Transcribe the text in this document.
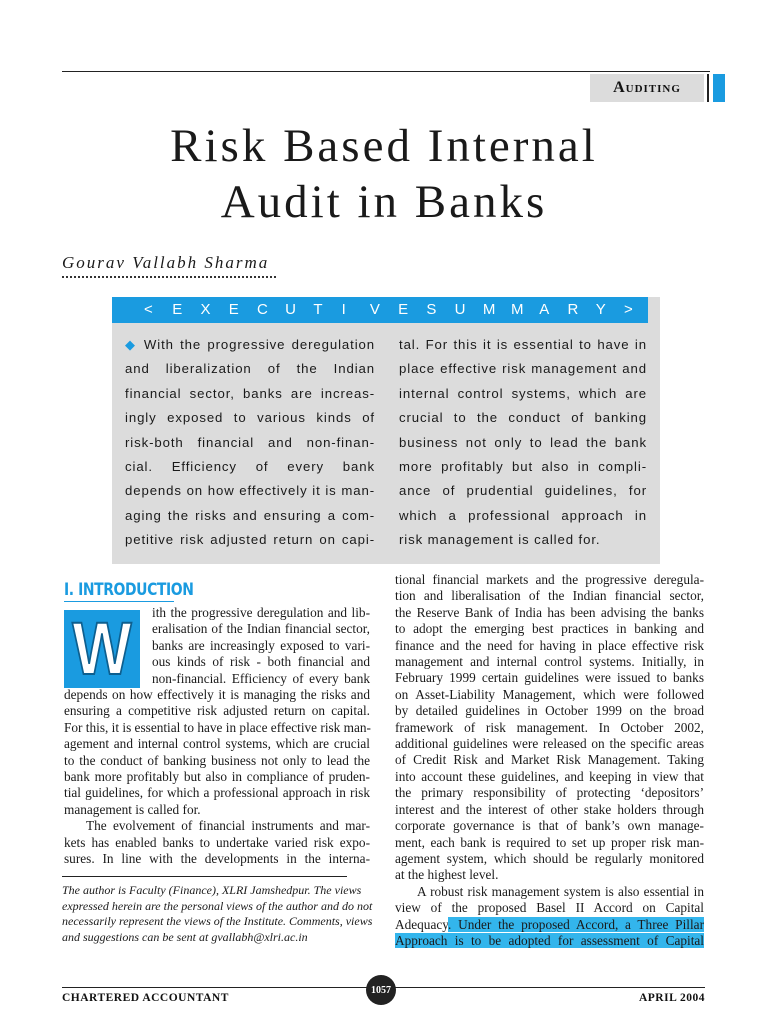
Auditing
Risk Based Internal
Audit in Banks
Gourav Vallabh Sharma
< E X E C U T I V E S U M M A R Y >
◆ With the progressive deregulation
and liberalization of the Indian
financial sector, banks are increas-
ingly exposed to various kinds of
risk-both financial and non-finan-
cial. Efficiency of every bank
depends on how effectively it is man-
aging the risks and ensuring a com-
petitive risk adjusted return on capi-
tal. For this it is essential to have in
place effective risk management and
internal control systems, which are
crucial to the conduct of banking
business not only to lead the bank
more profitably but also in compli-
ance of prudential guidelines, for
which a professional approach in
risk management is called for.
I. INTRODUCTION
W ith the progressive deregulation and lib-
eralisation of the Indian financial sector,
banks are increasingly exposed to vari-
ous kinds of risk - both financial and
non-financial. Efficiency of every bank
depends on how effectively it is managing the risks and
ensuring a competitive risk adjusted return on capital.
For this, it is essential to have in place effective risk man-
agement and internal control systems, which are crucial
to the conduct of banking business not only to lead the
bank more profitably but also in compliance of pruden-
tial guidelines, for which a professional approach in risk
management is called for.
The evolvement of financial instruments and mar-
kets has enabled banks to undertake varied risk expo-
sures. In line with the developments in the interna-
tional financial markets and the progressive deregula-
tion and liberalisation of the Indian financial sector,
the Reserve Bank of India has been advising the banks
to adopt the emerging best practices in banking and
finance and the need for having in place effective risk
management and internal control systems. Initially, in
February 1999 certain guidelines were issued to banks
on Asset-Liability Management, which were followed
by detailed guidelines in October 1999 on the broad
framework of risk management. In October 2002,
additional guidelines were released on the specific areas
of Credit Risk and Market Risk Management. Taking
into account these guidelines, and keeping in view that
the primary responsibility of protecting ‘depositors’
interest and the interest of other stake holders through
corporate governance is that of bank’s own manage-
ment, each bank is required to set up proper risk man-
agement system, which should be regularly monitored
at the highest level.
A robust risk management system is also essential in
view of the proposed Basel II Accord on Capital
Adequacy. Under the proposed Accord, a Three Pillar
Approach is to be adopted for assessment of Capital
The author is Faculty (Finance), XLRI Jamshedpur. The views
expressed herein are the personal views of the author and do not
necessarily represent the views of the Institute. Comments, views
and suggestions can be sent at gvallabh@xlri.ac.in
1057
CHARTERED ACCOUNTANT	APRIL 2004
